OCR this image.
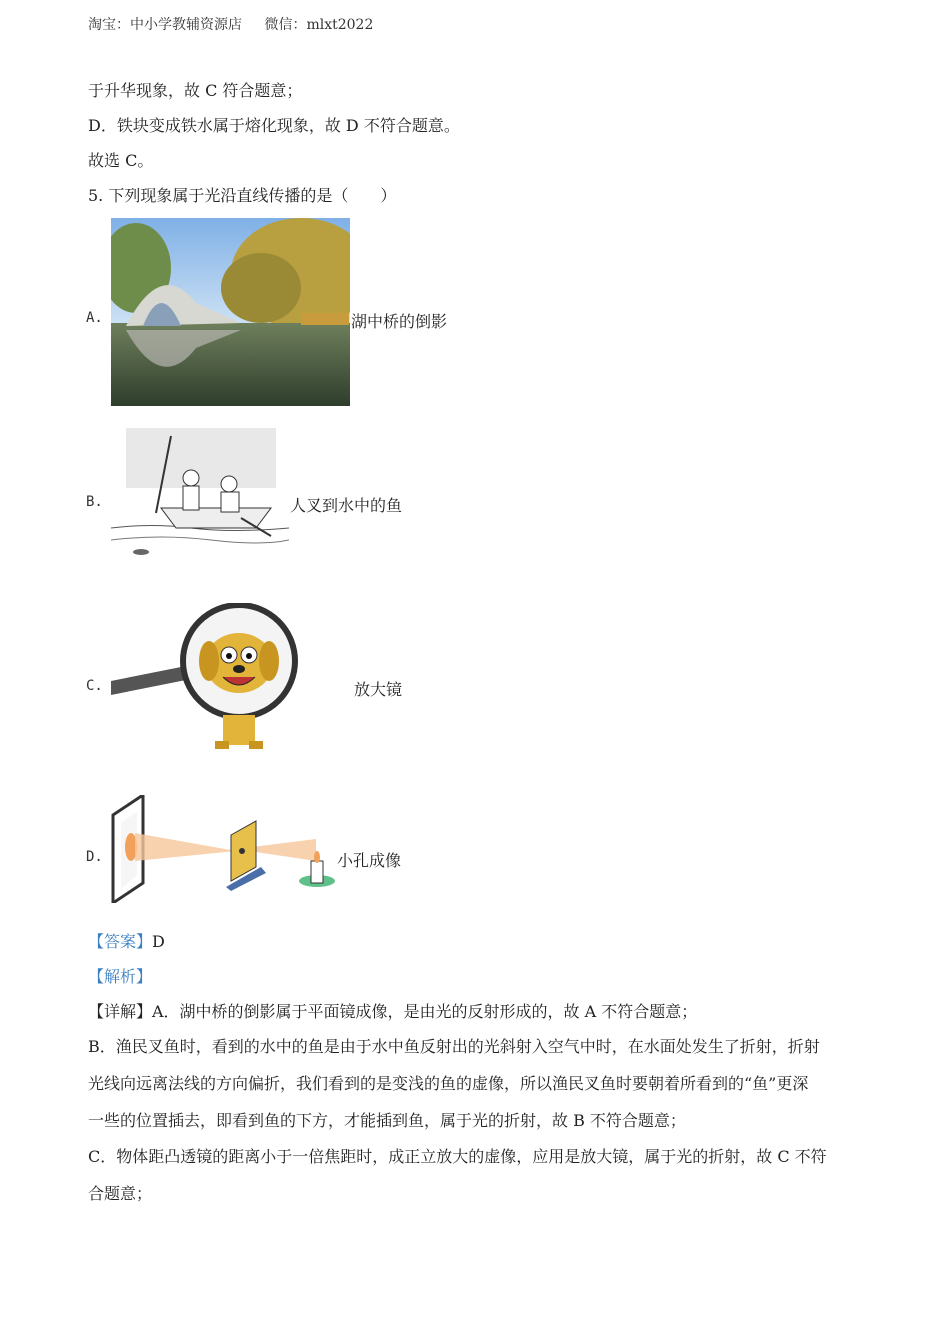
淘宝：中小学教辅资源店 微信：mlxt2022
于升华现象，故 C 符合题意；
D．铁块变成铁水属于熔化现象，故 D 不符合题意。
故选 C。
5. 下列现象属于光沿直线传播的是（　　）
A.	湖中桥的倒影
B.	人叉到水中的鱼
C.	放大镜
D.	小孔成像
【答案】D
【解析】
【详解】A．湖中桥的倒影属于平面镜成像，是由光的反射形成的，故 A 不符合题意；
B．渔民叉鱼时，看到的水中的鱼是由于水中鱼反射出的光斜射入空气中时，在水面处发生了折射，折射
光线向远离法线的方向偏折，我们看到的是变浅的鱼的虚像，所以渔民叉鱼时要朝着所看到的“鱼”更深
一些的位置插去，即看到鱼的下方，才能插到鱼，属于光的折射，故 B 不符合题意；
C．物体距凸透镜的距离小于一倍焦距时，成正立放大的虚像，应用是放大镜，属于光的折射，故 C 不符
合题意；
